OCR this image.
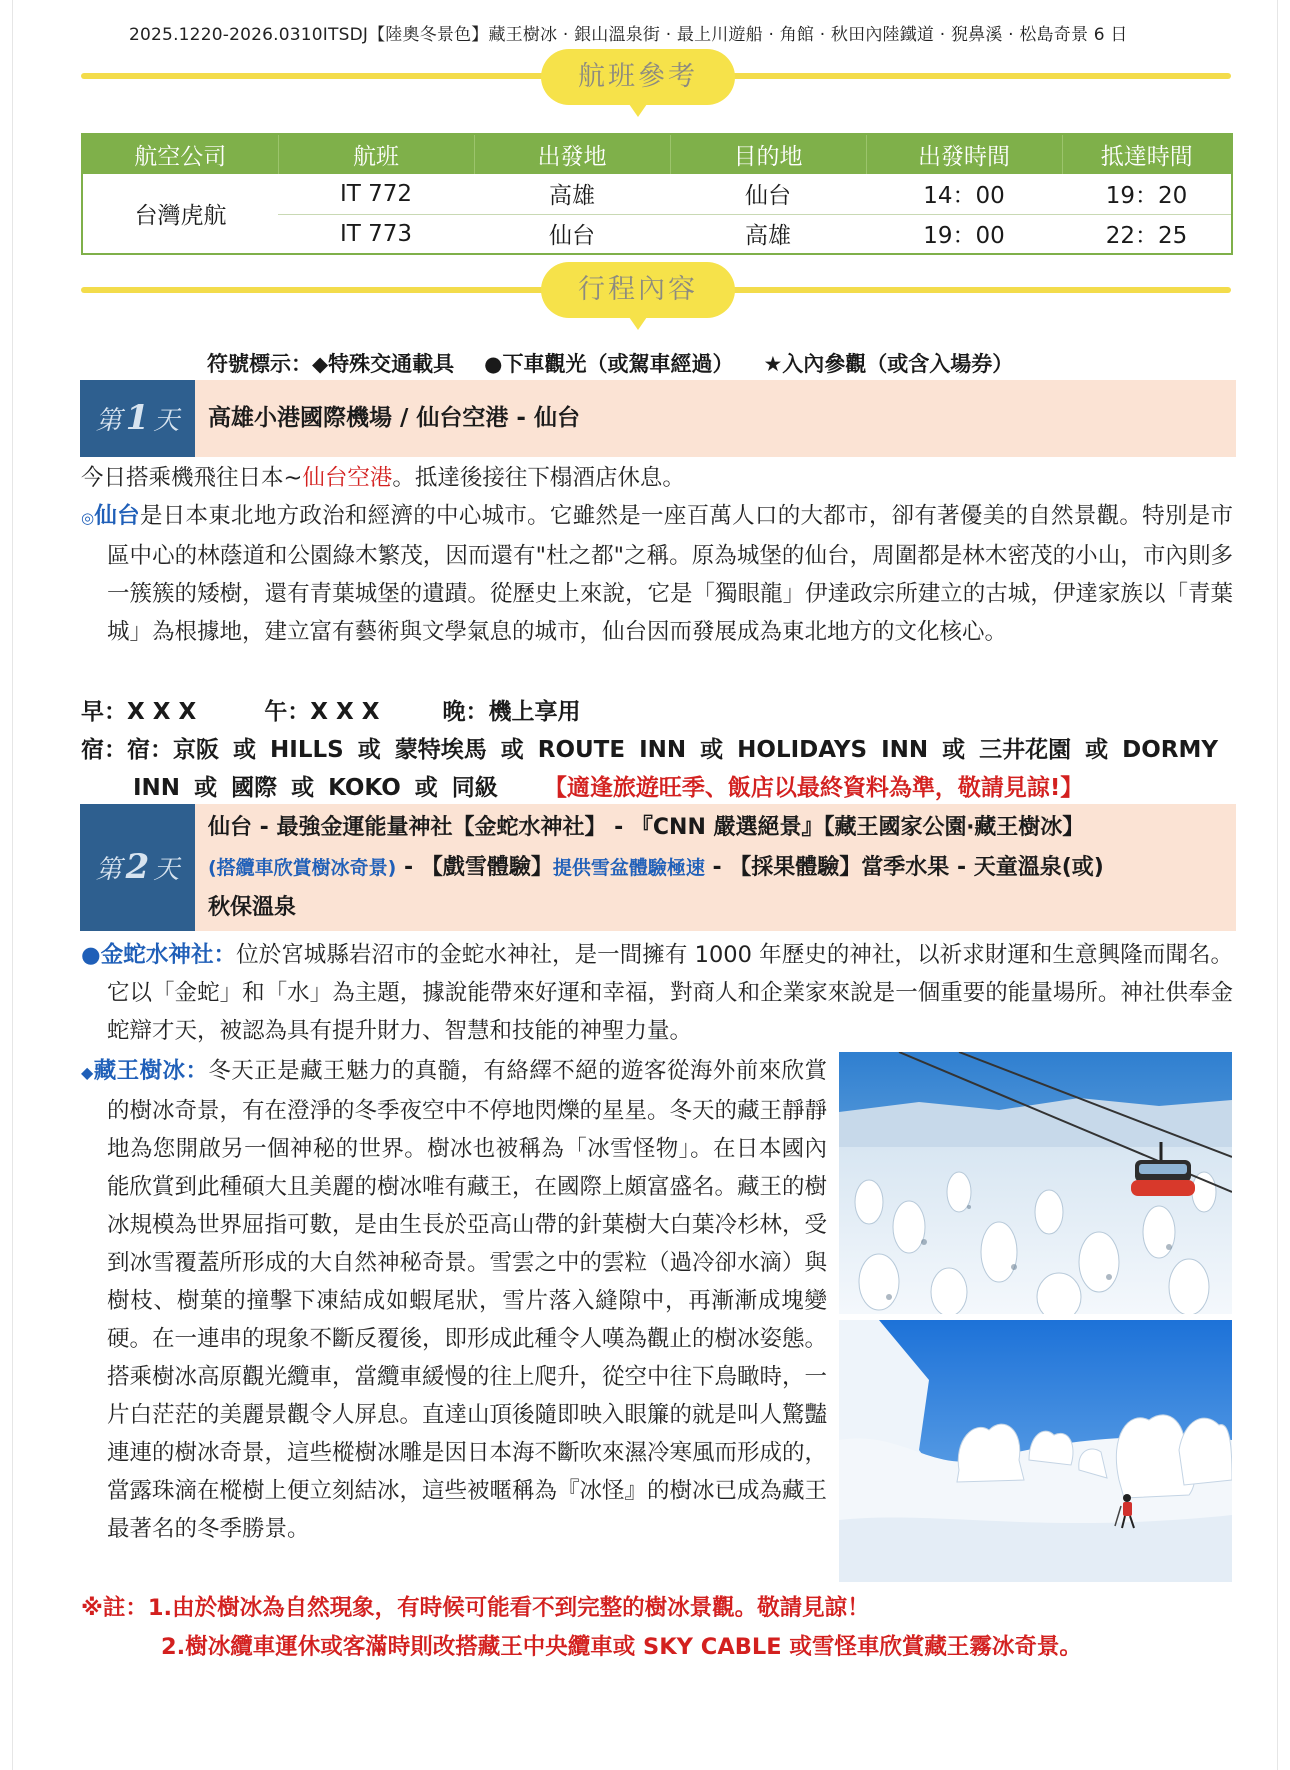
2025.1220-2026.0310ITSDJ【陸奧冬景色】藏王樹冰 · 銀山溫泉街 · 最上川遊船 · 角館 · 秋田內陸鐵道 · 猊鼻溪 · 松島奇景 6 日
航班參考
航空公司	航班	出發地	目的地	出發時間	抵達時間
台灣虎航	IT 772	高雄	仙台	14：00	19：20
	IT 773	仙台	高雄	19：00	22：25
行程內容
符號標示：◆特殊交通載具 ●下車觀光（或駕車經過） ★入內參觀（或含入場券）
第 1 天	高雄小港國際機場 / 仙台空港 - 仙台
今日搭乘機飛往日本~仙台空港。抵達後接往下榻酒店休息。
◎仙台是日本東北地方政治和經濟的中心城市。它雖然是一座百萬人口的大都市，卻有著優美的自然景觀。特別是市區中心的林蔭道和公園綠木繁茂，因而還有"杜之都"之稱。原為城堡的仙台，周圍都是林木密茂的小山，市內則多一簇簇的矮樹，還有青葉城堡的遺蹟。從歷史上來說，它是「獨眼龍」伊達政宗所建立的古城，伊達家族以「青葉城」為根據地，建立富有藝術與文學氣息的城市，仙台因而發展成為東北地方的文化核心。
早：X X X	午：X X X	晚：機上享用
宿：宿：京阪 或 HILLS 或 蒙特埃馬 或 ROUTE INN 或 HOLIDAYS INN 或 三井花園 或 DORMY
INN 或 國際 或 KOKO 或 同級 【適逢旅遊旺季、飯店以最終資料為準，敬請見諒!】
第 2 天
仙台 - 最強金運能量神社【金蛇水神社】 - 『CNN 嚴選絕景』【藏王國家公園‧藏王樹冰】
(搭纜車欣賞樹冰奇景) - 【戲雪體驗】提供雪盆體驗極速 - 【採果體驗】當季水果 - 天童溫泉(或)
秋保溫泉
●金蛇水神社：位於宮城縣岩沼市的金蛇水神社，是一間擁有 1000 年歷史的神社，以祈求財運和生意興隆而聞名。它以「金蛇」和「水」為主題，據說能帶來好運和幸福，對商人和企業家來說是一個重要的能量場所。神社供奉金蛇辯才天，被認為具有提升財力、智慧和技能的神聖力量。
◆藏王樹冰：冬天正是藏王魅力的真髓，有絡繹不絕的遊客從海外前來欣賞的樹冰奇景，有在澄淨的冬季夜空中不停地閃爍的星星。冬天的藏王靜靜地為您開啟另一個神秘的世界。樹冰也被稱為「冰雪怪物」。在日本國內能欣賞到此種碩大且美麗的樹冰唯有藏王，在國際上頗富盛名。藏王的樹冰規模為世界屈指可數，是由生長於亞高山帶的針葉樹大白葉冷杉林，受到冰雪覆蓋所形成的大自然神秘奇景。雪雲之中的雲粒（過冷卻水滴）與樹枝、樹葉的撞擊下凍結成如蝦尾狀，雪片落入縫隙中，再漸漸成塊變硬。在一連串的現象不斷反覆後，即形成此種令人嘆為觀止的樹冰姿態。搭乘樹冰高原觀光纜車，當纜車緩慢的往上爬升，從空中往下鳥瞰時，一片白茫茫的美麗景觀令人屏息。直達山頂後隨即映入眼簾的就是叫人驚豔連連的樹冰奇景，這些樅樹冰雕是因日本海不斷吹來濕冷寒風而形成的，當露珠滴在樅樹上便立刻結冰，這些被暱稱為『冰怪』的樹冰已成為藏王最著名的冬季勝景。
※註：1.由於樹冰為自然現象，有時候可能看不到完整的樹冰景觀。敬請見諒！
2.樹冰纜車運休或客滿時則改搭藏王中央纜車或 SKY CABLE 或雪怪車欣賞藏王霧冰奇景。
